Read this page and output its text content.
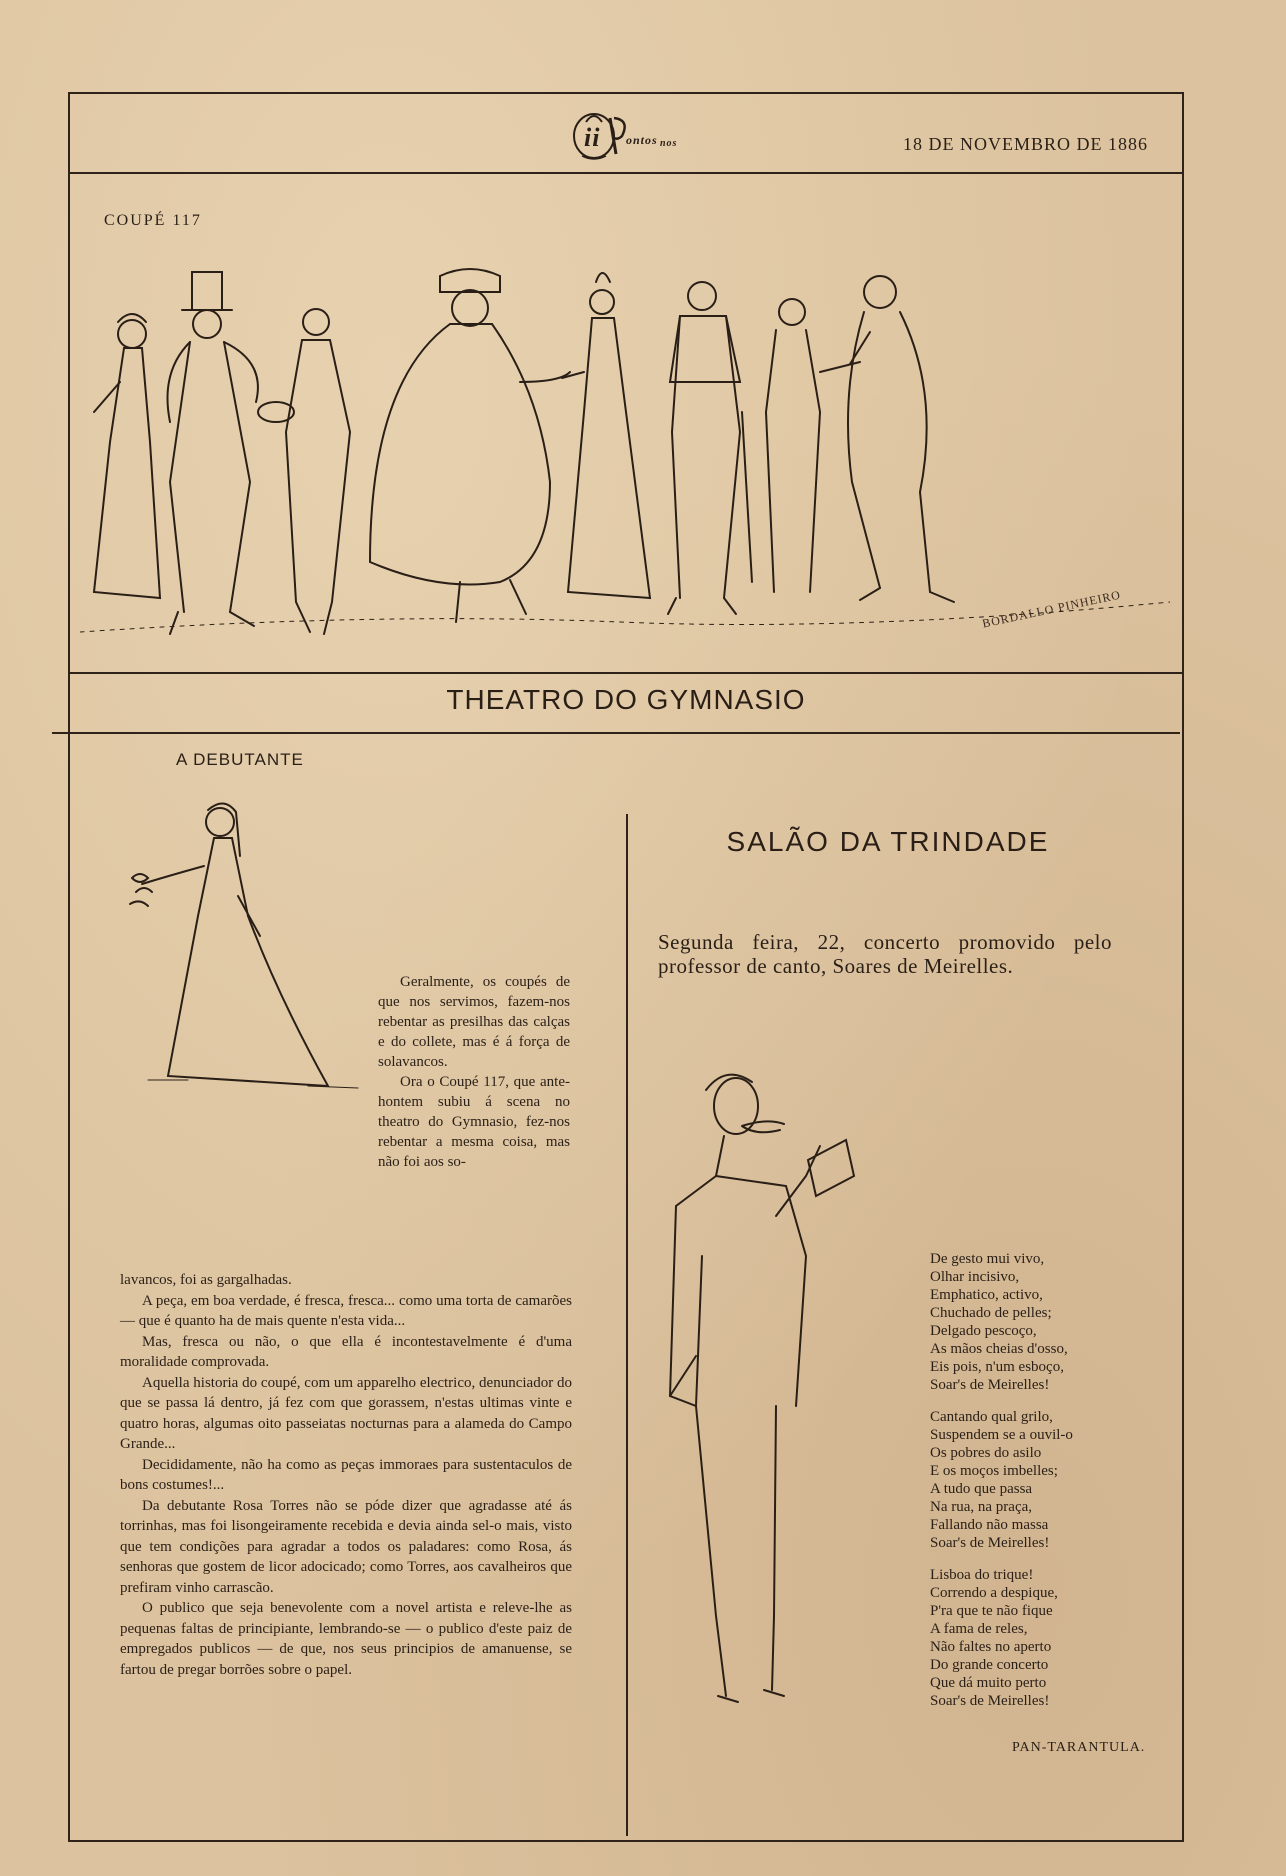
ii ontos nos	18 DE NOVEMBRO DE 1886
COUPÉ 117
BORDALLO PINHEIRO
THEATRO DO GYMNASIO
A DEBUTANTE

Geralmente, os coupés de que nos servimos, fazem-nos rebentar as presilhas das calças e do collete, mas é á força de solavancos.

Ora o Coupé 117, que ante-hontem subiu á scena no theatro do Gymnasio, fez-nos rebentar a mesma coisa, mas não foi aos so-

lavancos, foi as gargalhadas.

A peça, em boa verdade, é fresca, fresca... como uma torta de camarões — que é quanto ha de mais quente n'esta vida...

Mas, fresca ou não, o que ella é incontestavelmente é d'uma moralidade comprovada.

Aquella historia do coupé, com um apparelho electrico, denunciador do que se passa lá dentro, já fez com que gorassem, n'estas ultimas vinte e quatro horas, algumas oito passeiatas nocturnas para a alameda do Campo Grande...

Decididamente, não ha como as peças immoraes para sustentaculos de bons costumes!...

Da debutante Rosa Torres não se póde dizer que agradasse até ás torrinhas, mas foi lisongeiramente recebida e devia ainda sel-o mais, visto que tem condições para agradar a todos os paladares: como Rosa, ás senhoras que gostem de licor adocicado; como Torres, aos cavalheiros que prefiram vinho carrascão.

O publico que seja benevolente com a novel artista e releve-lhe as pequenas faltas de principiante, lembrando-se — o publico d'este paiz de empregados publicos — de que, nos seus principios de amanuense, se fartou de pregar borrões sobre o papel.

SALÃO DA TRINDADE
Segunda feira, 22, concerto promovido pelo professor de canto, Soares de Meirelles.
De gesto mui vivo,
Olhar incisivo,
Emphatico, activo,
Chuchado de pelles;
Delgado pescoço,
As mãos cheias d'osso,
Eis pois, n'um esboço,
Soar's de Meirelles!
Cantando qual grilo,
Suspendem se a ouvil-o
Os pobres do asilo
E os moços imbelles;
A tudo que passa
Na rua, na praça,
Fallando não massa
Soar's de Meirelles!
Lisboa do trique!
Correndo a despique,
P'ra que te não fique
A fama de reles,
Não faltes no aperto
Do grande concerto
Que dá muito perto
Soar's de Meirelles!
PAN-TARANTULA.
